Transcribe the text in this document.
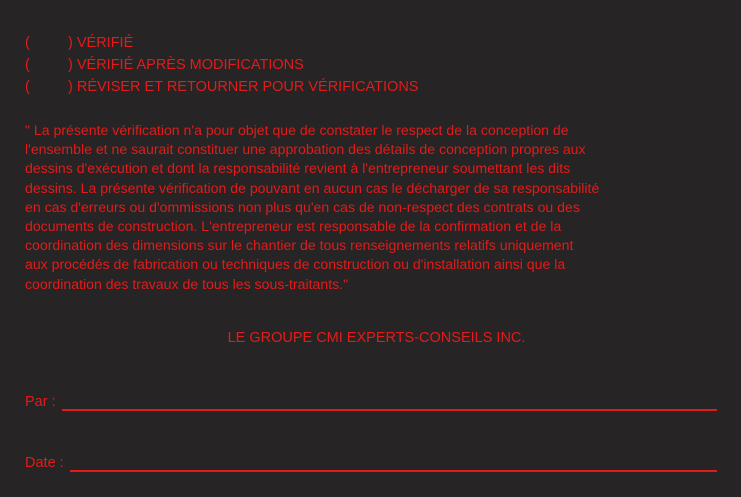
(	) VÉRIFIÉ
(	) VÉRIFIÉ APRÈS MODIFICATIONS
(	) RÉVISER ET RETOURNER POUR VÉRIFICATIONS
" La présente vérification n'a pour objet que de constater le respect de la conception de
l'ensemble et ne saurait constituer une approbation des détails de conception propres aux
dessins d'exécution et dont la responsabilité revient à l'entrepreneur soumettant les dits
dessins. La présente vérification de pouvant en aucun cas le décharger de sa responsabilité
en cas d'erreurs ou d'ommissions non plus qu'en cas de non-respect des contrats ou des
documents de construction. L'entrepreneur est responsable de la confirmation et de la
coordination des dimensions sur le chantier de tous renseignements relatifs uniquement
aux procédés de fabrication ou techniques de construction ou d'installation ainsi que la
coordination des travaux de tous les sous-traitants."
LE GROUPE CMI EXPERTS-CONSEILS INC.
Par :
Date :
